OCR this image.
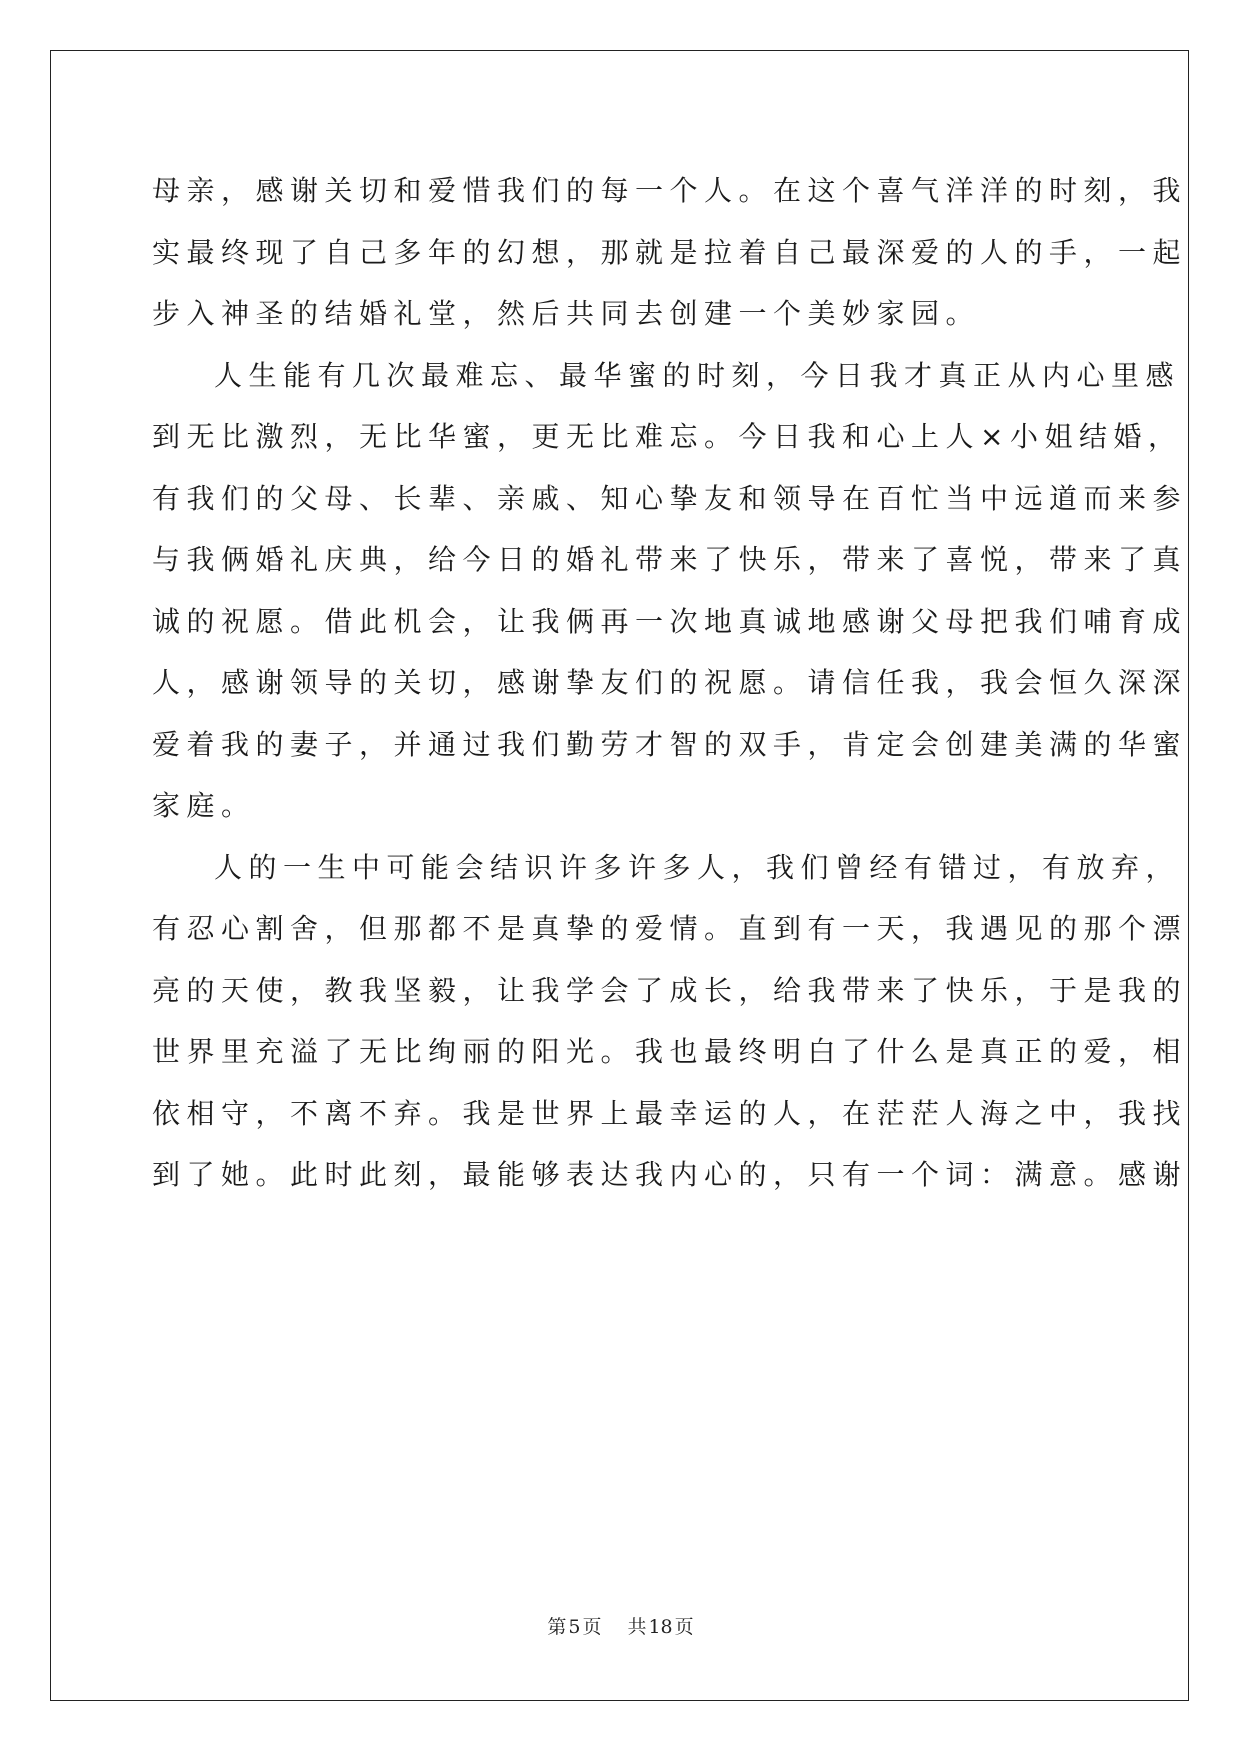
母亲，感谢关切和爱惜我们的每一个人。在这个喜气洋洋的时刻，我
实最终现了自己多年的幻想，那就是拉着自己最深爱的人的手，一起
步入神圣的结婚礼堂，然后共同去创建一个美妙家园。
人生能有几次最难忘、最华蜜的时刻，今日我才真正从内心里感
到无比激烈，无比华蜜，更无比难忘。今日我和心上人×小姐结婚，
有我们的父母、长辈、亲戚、知心挚友和领导在百忙当中远道而来参
与我俩婚礼庆典，给今日的婚礼带来了快乐，带来了喜悦，带来了真
诚的祝愿。借此机会，让我俩再一次地真诚地感谢父母把我们哺育成
人，感谢领导的关切，感谢挚友们的祝愿。请信任我，我会恒久深深
爱着我的妻子，并通过我们勤劳才智的双手，肯定会创建美满的华蜜
家庭。
人的一生中可能会结识许多许多人，我们曾经有错过，有放弃，
有忍心割舍，但那都不是真挚的爱情。直到有一天，我遇见的那个漂
亮的天使，教我坚毅，让我学会了成长，给我带来了快乐，于是我的
世界里充溢了无比绚丽的阳光。我也最终明白了什么是真正的爱，相
依相守，不离不弃。我是世界上最幸运的人，在茫茫人海之中，我找
到了她。此时此刻，最能够表达我内心的，只有一个词：满意。感谢
第 5 页 共 18 页
